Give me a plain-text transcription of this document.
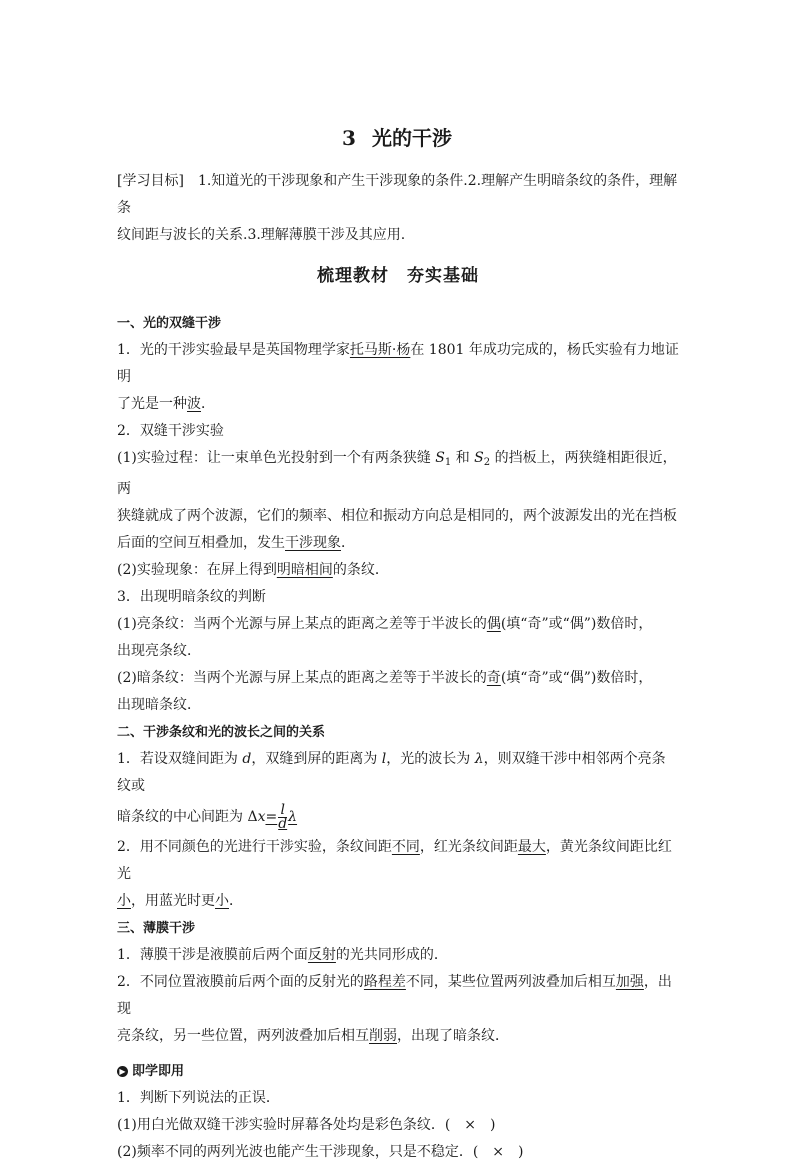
3 光的干涉

[学习目标]　 1.知道光的干涉现象和产生干涉现象的条件.2.理解产生明暗条纹的条件，理解条

纹间距与波长的关系.3.理解薄膜干涉及其应用.

梳理教材　夯实基础

一、光的双缝干涉

1．光的干涉实验最早是英国物理学家托马斯·杨在 1801 年成功完成的，杨氏实验有力地证明

了光是一种波．

2．双缝干涉实验

(1)实验过程：让一束单色光投射到一个有两条狭缝 $S_1$ 和 $S_2$ 的挡板上，两狭缝相距很近，两

狭缝就成了两个波源，它们的频率、相位和振动方向总是相同的，两个波源发出的光在挡板

后面的空间互相叠加，发生干涉现象．

(2)实验现象：在屏上得到明暗相间的条纹．

3．出现明暗条纹的判断

(1)亮条纹：当两个光源与屏上某点的距离之差等于半波长的偶(填“奇”或“偶”)数倍时，

出现亮条纹．

(2)暗条纹：当两个光源与屏上某点的距离之差等于半波长的奇(填“奇”或“偶”)数倍时，

出现暗条纹．

二、干涉条纹和光的波长之间的关系

1．若设双缝间距为 d，双缝到屏的距离为 l，光的波长为 λ，则双缝干涉中相邻两个亮条纹或

暗条纹的中心间距为 $\Delta x= \frac{l}{d}$ λ

2．用不同颜色的光进行干涉实验，条纹间距不同，红光条纹间距最大，黄光条纹间距比红光

小，用蓝光时更小．

三、薄膜干涉

1．薄膜干涉是液膜前后两个面反射的光共同形成的．

2．不同位置液膜前后两个面的反射光的路程差不同，某些位置两列波叠加后相互加强，出现

亮条纹，另一些位置，两列波叠加后相互削弱，出现了暗条纹．

▶ 即学即用

1．判断下列说法的正误．

(1)用白光做双缝干涉实验时屏幕各处均是彩色条纹．(　×　)

(2)频率不同的两列光波也能产生干涉现象，只是不稳定．(　×　)
